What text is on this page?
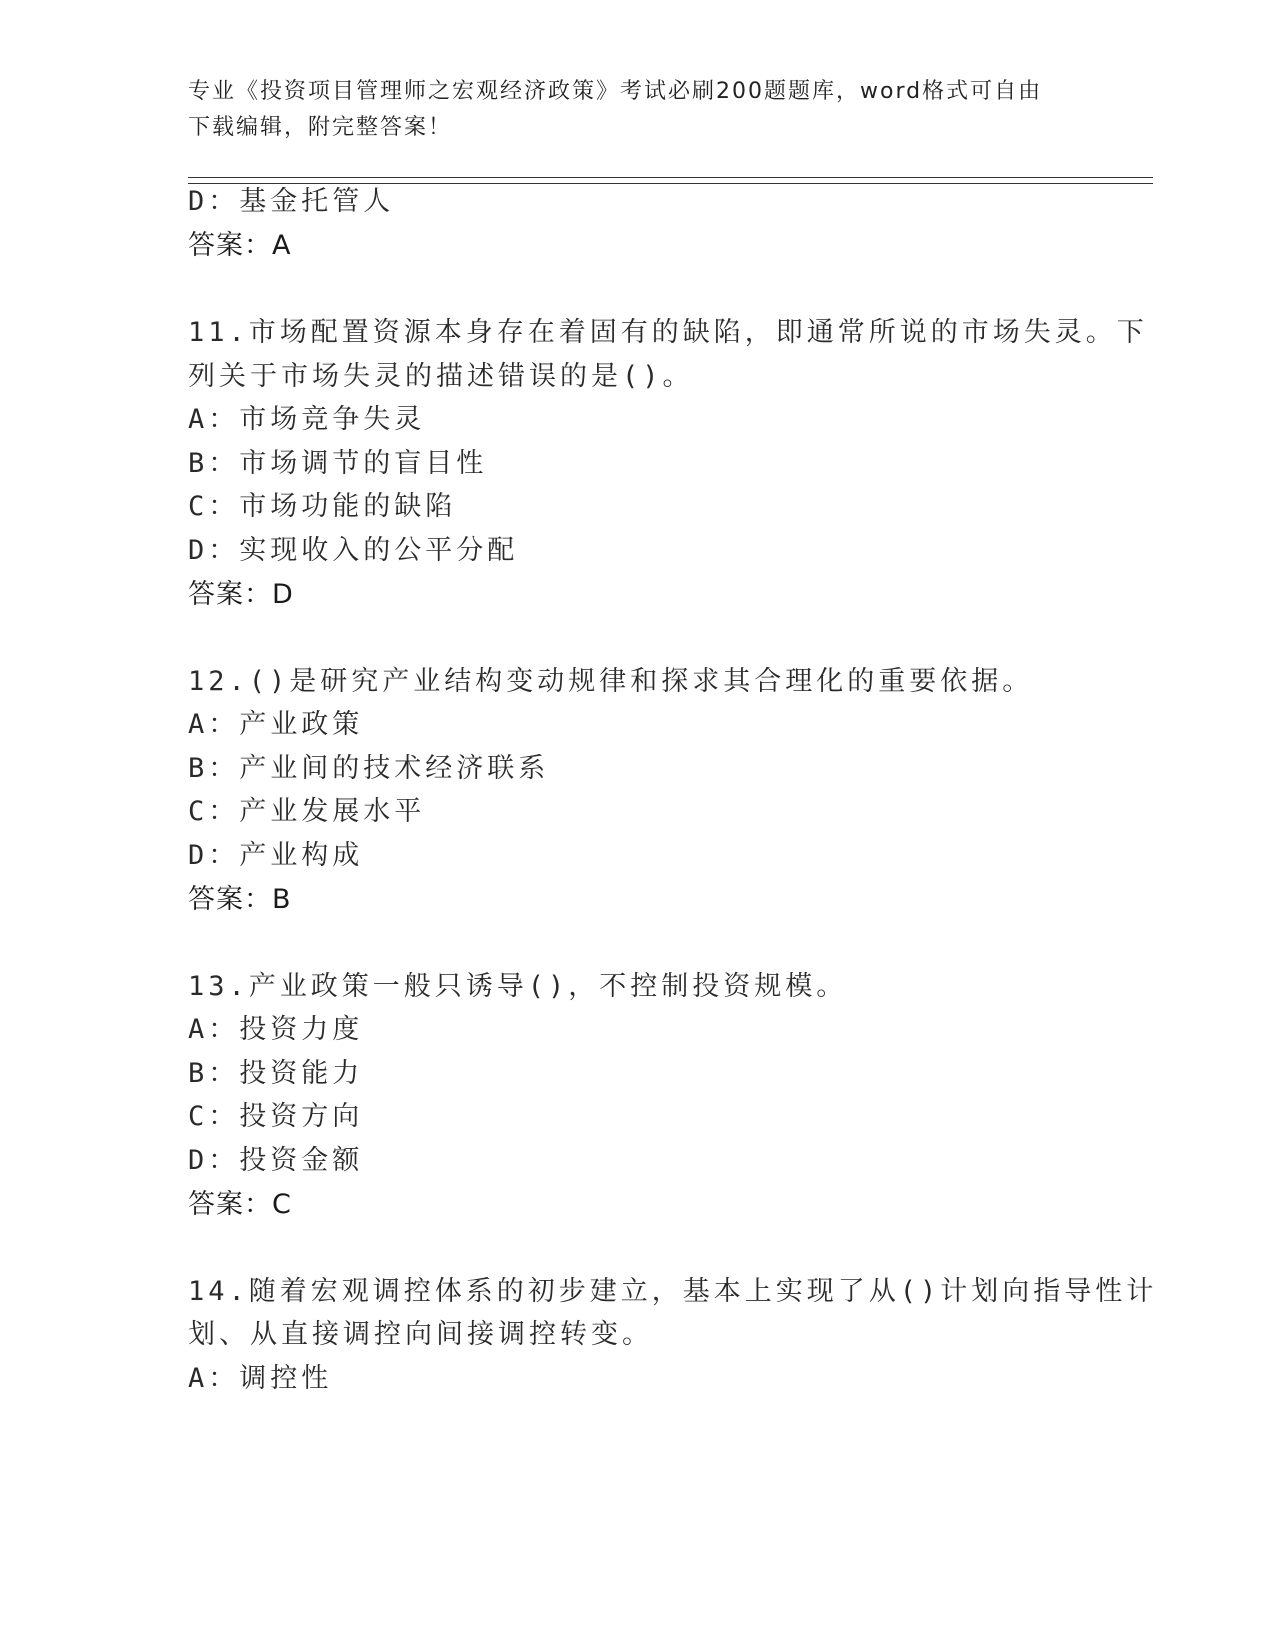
专业《投资项目管理师之宏观经济政策》考试必刷200题题库，word格式可自由
下载编辑，附完整答案！
D：基金托管人
答案：A
11.市场配置资源本身存在着固有的缺陷，即通常所说的市场失灵。下
列关于市场失灵的描述错误的是()。
A：市场竞争失灵
B：市场调节的盲目性
C：市场功能的缺陷
D：实现收入的公平分配
答案：D
12.()是研究产业结构变动规律和探求其合理化的重要依据。
A：产业政策
B：产业间的技术经济联系
C：产业发展水平
D：产业构成
答案：B
13.产业政策一般只诱导()，不控制投资规模。
A：投资力度
B：投资能力
C：投资方向
D：投资金额
答案：C
14.随着宏观调控体系的初步建立，基本上实现了从()计划向指导性计
划、从直接调控向间接调控转变。
A：调控性
